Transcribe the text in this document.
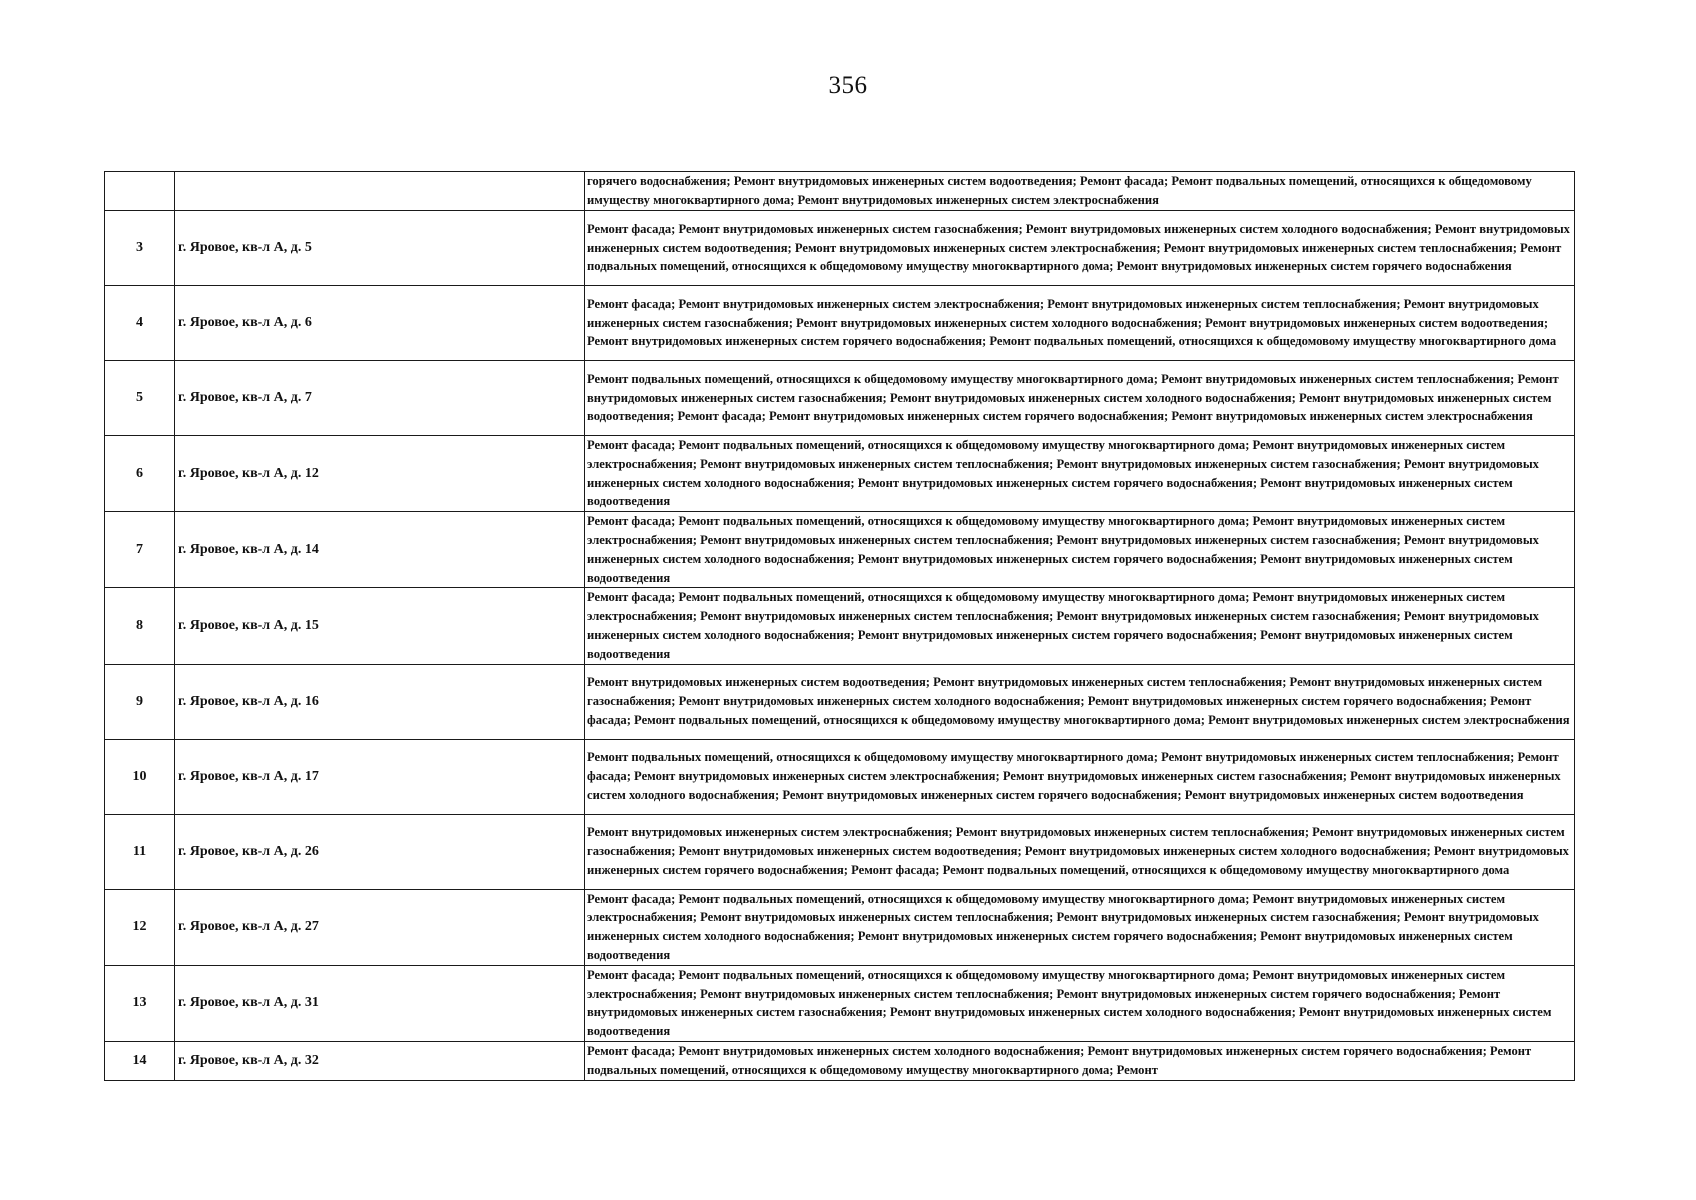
356
		горячего водоснабжения; Ремонт внутридомовых инженерных систем водоотведения; Ремонт фасада; Ремонт подвальных помещений, относящихся к общедомовому имуществу многоквартирного дома; Ремонт внутридомовых инженерных систем электроснабжения
3	г. Яровое, кв-л А, д. 5	Ремонт фасада; Ремонт внутридомовых инженерных систем газоснабжения; Ремонт внутридомовых инженерных систем холодного водоснабжения; Ремонт внутридомовых инженерных систем водоотведения; Ремонт внутридомовых инженерных систем электроснабжения; Ремонт внутридомовых инженерных систем теплоснабжения; Ремонт подвальных помещений, относящихся к общедомовому имуществу многоквартирного дома; Ремонт внутридомовых инженерных систем горячего водоснабжения
4	г. Яровое, кв-л А, д. 6	Ремонт фасада; Ремонт внутридомовых инженерных систем электроснабжения; Ремонт внутридомовых инженерных систем теплоснабжения; Ремонт внутридомовых инженерных систем газоснабжения; Ремонт внутридомовых инженерных систем холодного водоснабжения; Ремонт внутридомовых инженерных систем водоотведения; Ремонт внутридомовых инженерных систем горячего водоснабжения; Ремонт подвальных помещений, относящихся к общедомовому имуществу многоквартирного дома
5	г. Яровое, кв-л А, д. 7	Ремонт подвальных помещений, относящихся к общедомовому имуществу многоквартирного дома; Ремонт внутридомовых инженерных систем теплоснабжения; Ремонт внутридомовых инженерных систем газоснабжения; Ремонт внутридомовых инженерных систем холодного водоснабжения; Ремонт внутридомовых инженерных систем водоотведения; Ремонт фасада; Ремонт внутридомовых инженерных систем горячего водоснабжения; Ремонт внутридомовых инженерных систем электроснабжения
6	г. Яровое, кв-л А, д. 12	Ремонт фасада; Ремонт подвальных помещений, относящихся к общедомовому имуществу многоквартирного дома; Ремонт внутридомовых инженерных систем электроснабжения; Ремонт внутридомовых инженерных систем теплоснабжения; Ремонт внутридомовых инженерных систем газоснабжения; Ремонт внутридомовых инженерных систем холодного водоснабжения; Ремонт внутридомовых инженерных систем горячего водоснабжения; Ремонт внутридомовых инженерных систем водоотведения
7	г. Яровое, кв-л А, д. 14	Ремонт фасада; Ремонт подвальных помещений, относящихся к общедомовому имуществу многоквартирного дома; Ремонт внутридомовых инженерных систем электроснабжения; Ремонт внутридомовых инженерных систем теплоснабжения; Ремонт внутридомовых инженерных систем газоснабжения; Ремонт внутридомовых инженерных систем холодного водоснабжения; Ремонт внутридомовых инженерных систем горячего водоснабжения; Ремонт внутридомовых инженерных систем водоотведения
8	г. Яровое, кв-л А, д. 15	Ремонт фасада; Ремонт подвальных помещений, относящихся к общедомовому имуществу многоквартирного дома; Ремонт внутридомовых инженерных систем электроснабжения; Ремонт внутридомовых инженерных систем теплоснабжения; Ремонт внутридомовых инженерных систем газоснабжения; Ремонт внутридомовых инженерных систем холодного водоснабжения; Ремонт внутридомовых инженерных систем горячего водоснабжения; Ремонт внутридомовых инженерных систем водоотведения
9	г. Яровое, кв-л А, д. 16	Ремонт внутридомовых инженерных систем водоотведения; Ремонт внутридомовых инженерных систем теплоснабжения; Ремонт внутридомовых инженерных систем газоснабжения; Ремонт внутридомовых инженерных систем холодного водоснабжения; Ремонт внутридомовых инженерных систем горячего водоснабжения; Ремонт фасада; Ремонт подвальных помещений, относящихся к общедомовому имуществу многоквартирного дома; Ремонт внутридомовых инженерных систем электроснабжения
10	г. Яровое, кв-л А, д. 17	Ремонт подвальных помещений, относящихся к общедомовому имуществу многоквартирного дома; Ремонт внутридомовых инженерных систем теплоснабжения; Ремонт фасада; Ремонт внутридомовых инженерных систем электроснабжения; Ремонт внутридомовых инженерных систем газоснабжения; Ремонт внутридомовых инженерных систем холодного водоснабжения; Ремонт внутридомовых инженерных систем горячего водоснабжения; Ремонт внутридомовых инженерных систем водоотведения
11	г. Яровое, кв-л А, д. 26	Ремонт внутридомовых инженерных систем электроснабжения; Ремонт внутридомовых инженерных систем теплоснабжения; Ремонт внутридомовых инженерных систем газоснабжения; Ремонт внутридомовых инженерных систем водоотведения; Ремонт внутридомовых инженерных систем холодного водоснабжения; Ремонт внутридомовых инженерных систем горячего водоснабжения; Ремонт фасада; Ремонт подвальных помещений, относящихся к общедомовому имуществу многоквартирного дома
12	г. Яровое, кв-л А, д. 27	Ремонт фасада; Ремонт подвальных помещений, относящихся к общедомовому имуществу многоквартирного дома; Ремонт внутридомовых инженерных систем электроснабжения; Ремонт внутридомовых инженерных систем теплоснабжения; Ремонт внутридомовых инженерных систем газоснабжения; Ремонт внутридомовых инженерных систем холодного водоснабжения; Ремонт внутридомовых инженерных систем горячего водоснабжения; Ремонт внутридомовых инженерных систем водоотведения
13	г. Яровое, кв-л А, д. 31	Ремонт фасада; Ремонт подвальных помещений, относящихся к общедомовому имуществу многоквартирного дома; Ремонт внутридомовых инженерных систем электроснабжения; Ремонт внутридомовых инженерных систем теплоснабжения; Ремонт внутридомовых инженерных систем горячего водоснабжения; Ремонт внутридомовых инженерных систем газоснабжения; Ремонт внутридомовых инженерных систем холодного водоснабжения; Ремонт внутридомовых инженерных систем водоотведения
14	г. Яровое, кв-л А, д. 32	Ремонт фасада; Ремонт внутридомовых инженерных систем холодного водоснабжения; Ремонт внутридомовых инженерных систем горячего водоснабжения; Ремонт подвальных помещений, относящихся к общедомовому имуществу многоквартирного дома; Ремонт
